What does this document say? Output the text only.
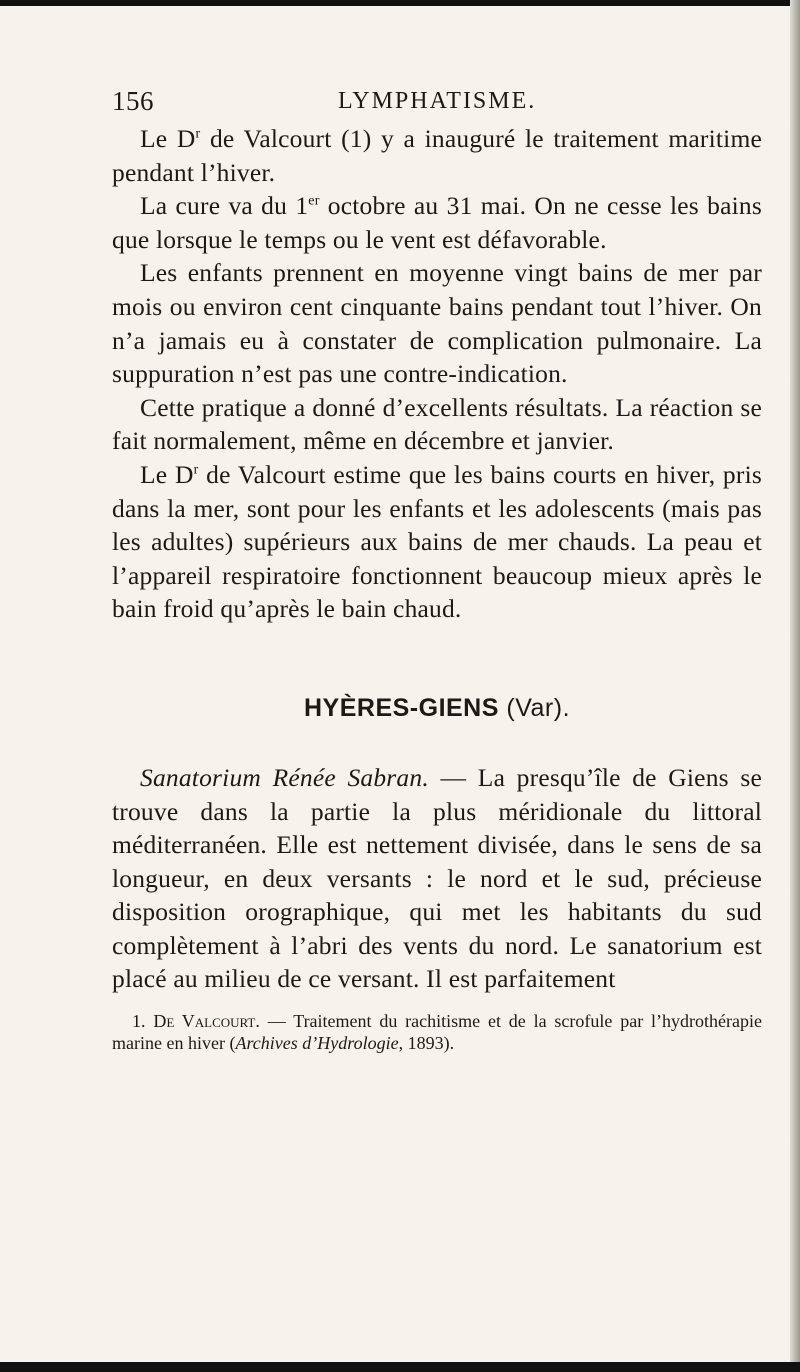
156	LYMPHATISME.

Le $D^r$ de Valcourt (1) y a inauguré le traitement maritime pendant l’hiver.

La cure va du 1er octobre au 31 mai. On ne cesse les bains que lorsque le temps ou le vent est défavorable.

Les enfants prennent en moyenne vingt bains de mer par mois ou environ cent cinquante bains pendant tout l’hiver. On n’a jamais eu à constater de complication pulmonaire. La suppuration n’est pas une contre-indication.

Cette pratique a donné d’excellents résultats. La réaction se fait normalement, même en décembre et janvier.

Le $D^r$ de Valcourt estime que les bains courts en hiver, pris dans la mer, sont pour les enfants et les adolescents (mais pas les adultes) supérieurs aux bains de mer chauds. La peau et l’appareil respiratoire fonctionnent beaucoup mieux après le bain froid qu’après le bain chaud.

HYÈRES-GIENS (Var).

Sanatorium Rénée Sabran. — La presqu’île de Giens se trouve dans la partie la plus méridionale du littoral méditerranéen. Elle est nettement divisée, dans le sens de sa longueur, en deux versants : le nord et le sud, précieuse disposition orographique, qui met les habitants du sud complètement à l’abri des vents du nord. Le sanatorium est placé au milieu de ce versant. Il est parfaitement

1. De Valcourt. — Traitement du rachitisme et de la scrofule par l’hydrothérapie marine en hiver (Archives d’Hydrologie, 1893).
